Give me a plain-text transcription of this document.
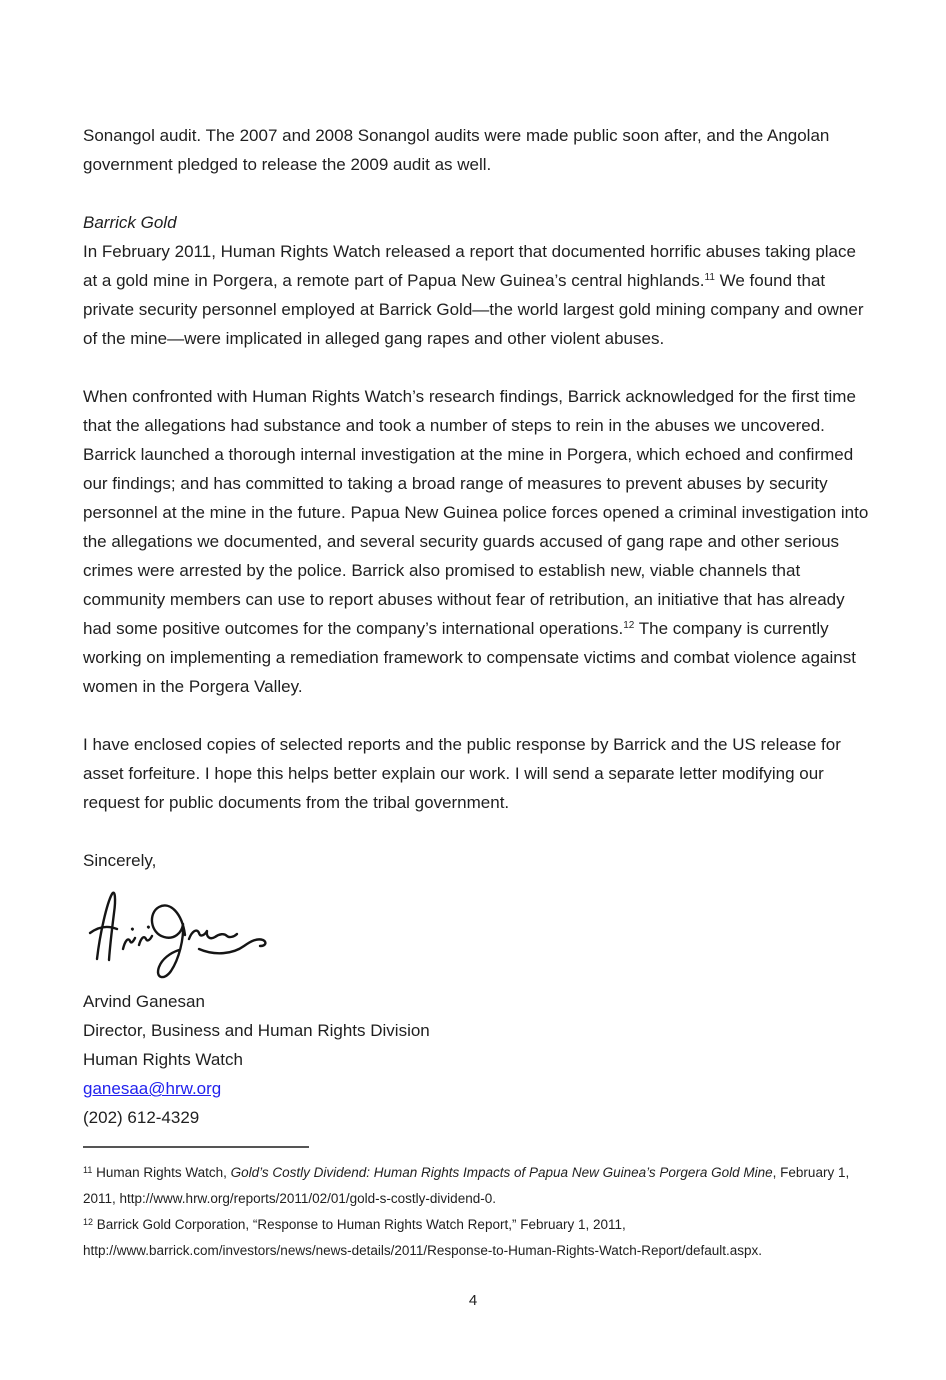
Sonangol audit. The 2007 and 2008 Sonangol audits were made public soon after, and the Angolan government pledged to release the 2009 audit as well.

Barrick Gold

In February 2011, Human Rights Watch released a report that documented horrific abuses taking place at a gold mine in Porgera, a remote part of Papua New Guinea’s central highlands.$^{11}$ We found that private security personnel employed at Barrick Gold—the world largest gold mining company and owner of the mine—were implicated in alleged gang rapes and other violent abuses.

When confronted with Human Rights Watch’s research findings, Barrick acknowledged for the first time that the allegations had substance and took a number of steps to rein in the abuses we uncovered. Barrick launched a thorough internal investigation at the mine in Porgera, which echoed and confirmed our findings; and has committed to taking a broad range of measures to prevent abuses by security personnel at the mine in the future. Papua New Guinea police forces opened a criminal investigation into the allegations we documented, and several security guards accused of gang rape and other serious crimes were arrested by the police. Barrick also promised to establish new, viable channels that community members can use to report abuses without fear of retribution, an initiative that has already had some positive outcomes for the company’s international operations.$^{12}$ The company is currently working on implementing a remediation framework to compensate victims and combat violence against women in the Porgera Valley.

I have enclosed copies of selected reports and the public response by Barrick and the US release for asset forfeiture. I hope this helps better explain our work. I will send a separate letter modifying our request for public documents from the tribal government.

Sincerely,

Arvind Ganesan

Director, Business and Human Rights Division

Human Rights Watch

ganesaa@hrw.org

(202) 612-4329

$^{11}$ Human Rights Watch, Gold’s Costly Dividend: Human Rights Impacts of Papua New Guinea’s Porgera Gold Mine, February 1, 2011, http://www.hrw.org/reports/2011/02/01/gold-s-costly-dividend-0.

$^{12}$ Barrick Gold Corporation, “Response to Human Rights Watch Report,” February 1, 2011, http://www.barrick.com/investors/news/news-details/2011/Response-to-Human-Rights-Watch-Report/default.aspx.

4
